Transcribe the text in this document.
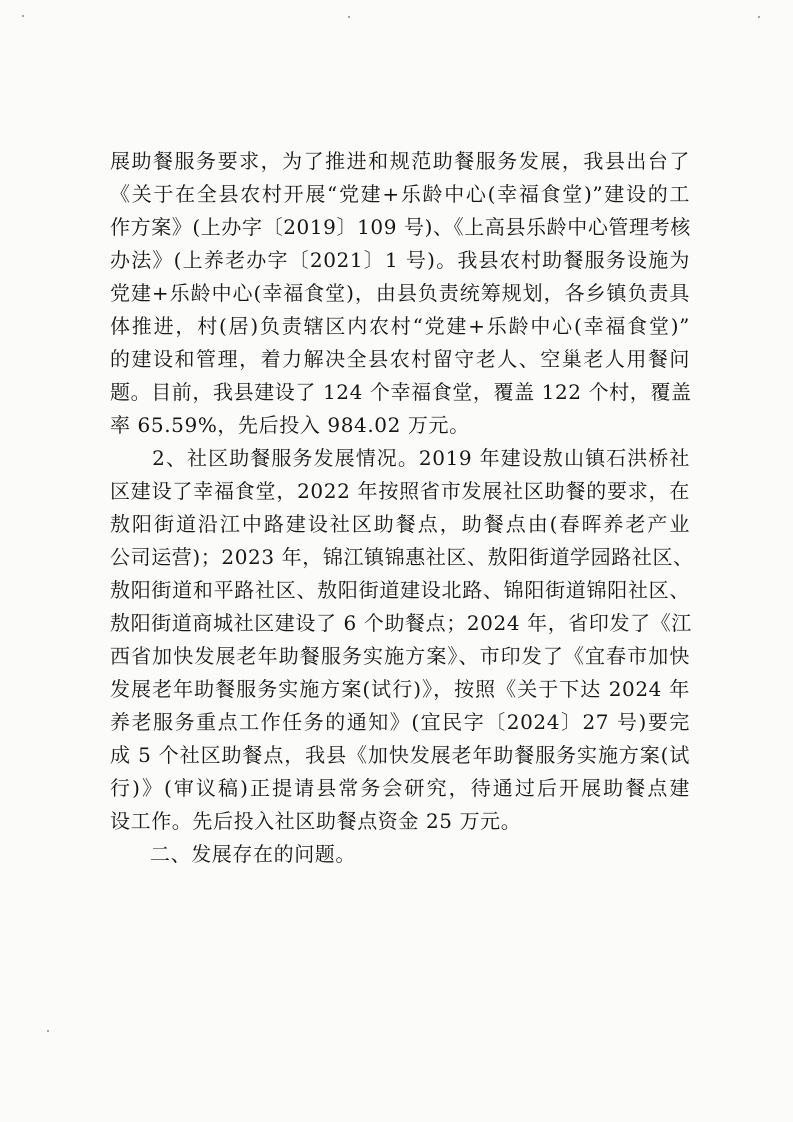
展助餐服务要求，为了推进和规范助餐服务发展，我县出台了
《关于在全县农村开展“党建+乐龄中心(幸福食堂)”建设的工
作方案》(上办字〔2019〕109 号)、《上高县乐龄中心管理考核
办法》(上养老办字〔2021〕1 号)。我县农村助餐服务设施为
党建+乐龄中心(幸福食堂)，由县负责统筹规划，各乡镇负责具
体推进，村(居)负责辖区内农村“党建+乐龄中心(幸福食堂)”
的建设和管理，着力解决全县农村留守老人、空巢老人用餐问
题。目前，我县建设了 124 个幸福食堂，覆盖 122 个村，覆盖
率 65.59%，先后投入 984.02 万元。
　　2、社区助餐服务发展情况。2019 年建设敖山镇石洪桥社
区建设了幸福食堂，2022 年按照省市发展社区助餐的要求，在
敖阳街道沿江中路建设社区助餐点，助餐点由(春晖养老产业
公司运营)；2023 年，锦江镇锦惠社区、敖阳街道学园路社区、
敖阳街道和平路社区、敖阳街道建设北路、锦阳街道锦阳社区、
敖阳街道商城社区建设了 6 个助餐点；2024 年，省印发了《江
西省加快发展老年助餐服务实施方案》、市印发了《宜春市加快
发展老年助餐服务实施方案(试行)》，按照《关于下达 2024 年
养老服务重点工作任务的通知》(宜民字〔2024〕27 号)要完
成 5 个社区助餐点，我县《加快发展老年助餐服务实施方案(试
行)》(审议稿)正提请县常务会研究，待通过后开展助餐点建
设工作。先后投入社区助餐点资金 25 万元。
二、发展存在的问题。
